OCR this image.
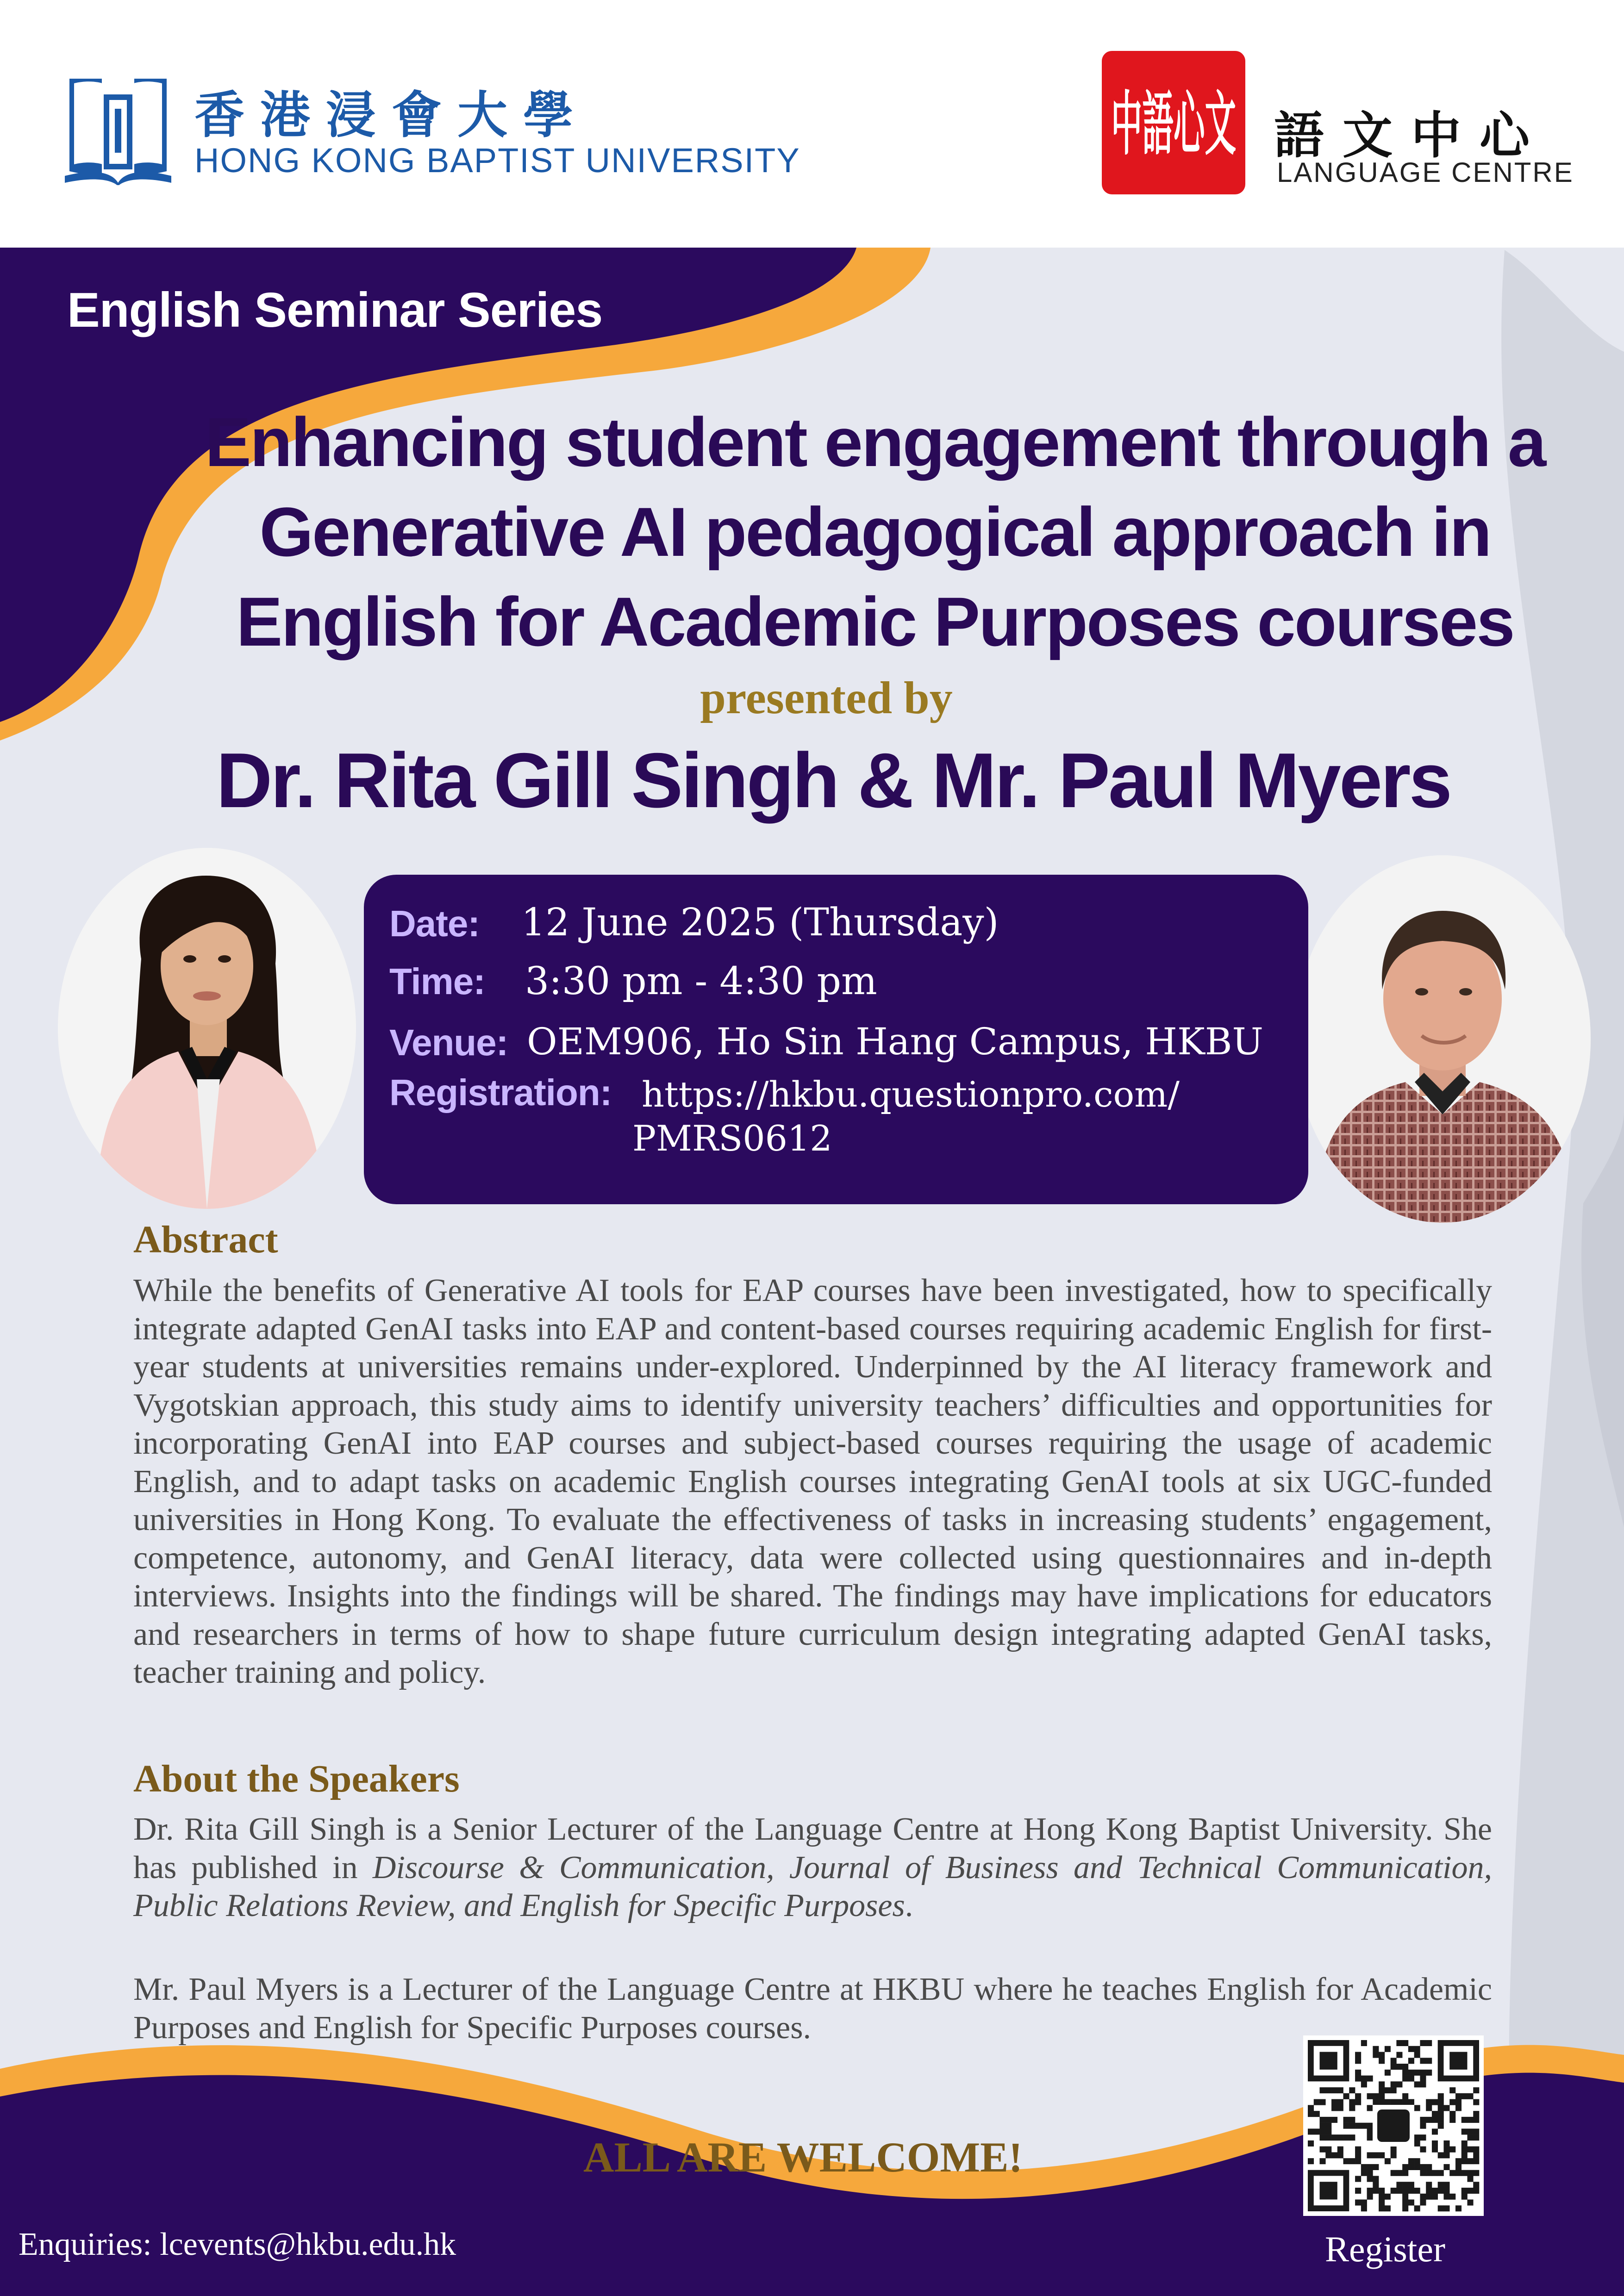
香港浸會大學
HONG KONG BAPTIST UNIVERSITY	中語心文 語文中心
LANGUAGE CENTRE
English Seminar Series
Enhancing student engagement through a Generative AI pedagogical approach in English for Academic Purposes courses
presented by
Dr. Rita Gill Singh & Mr. Paul Myers
Date: 12 June 2025 (Thursday)
Time: 3:30 pm - 4:30 pm
Venue: OEM906, Ho Sin Hang Campus, HKBU
Registration: https://hkbu.questionpro.com/
PMRS0612
Abstract
While the benefits of Generative AI tools for EAP courses have been investigated, how to specifically integrate adapted GenAI tasks into EAP and content-based courses requiring academic English for first-year students at universities remains under-explored. Underpinned by the AI literacy framework and Vygotskian approach, this study aims to identify university teachers’ difficulties and opportunities for incorporating GenAI into EAP courses and subject-based courses requiring the usage of academic English, and to adapt tasks on academic English courses integrating GenAI tools at six UGC-funded universities in Hong Kong. To evaluate the effectiveness of tasks in increasing students’ engagement, competence, autonomy, and GenAI literacy, data were collected using questionnaires and in-depth interviews. Insights into the findings will be shared. The findings may have implications for educators and researchers in terms of how to shape future curriculum design integrating adapted GenAI tasks, teacher training and policy.
About the Speakers
Dr. Rita Gill Singh is a Senior Lecturer of the Language Centre at Hong Kong Baptist University. She has published in Discourse & Communication, Journal of Business and Technical Communication, Public Relations Review, and English for Specific Purposes.
Mr. Paul Myers is a Lecturer of the Language Centre at HKBU where he teaches English for Academic Purposes and English for Specific Purposes courses.
ALL ARE WELCOME!
Enquiries: lcevents@hkbu.edu.hk	Register
